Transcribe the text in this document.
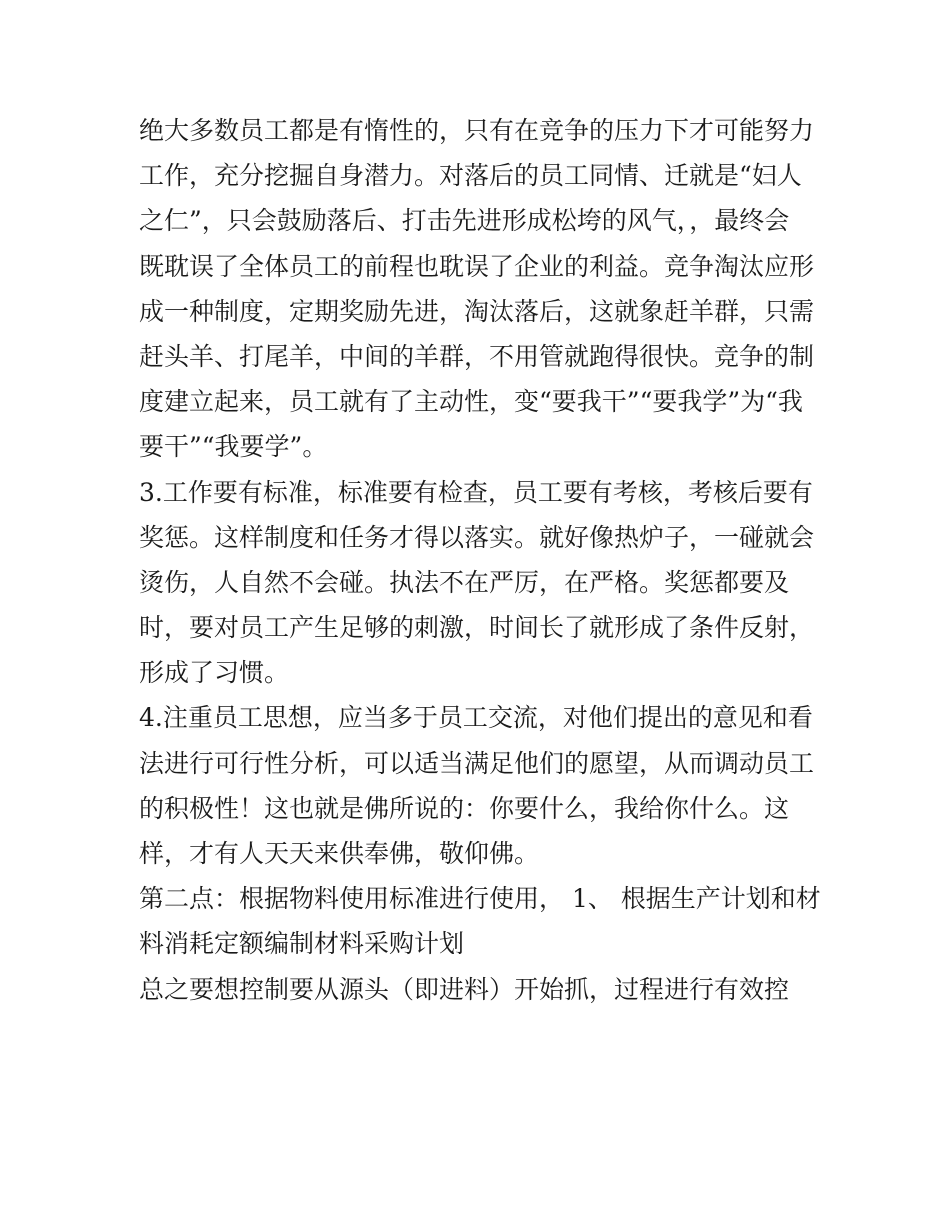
绝大多数员工都是有惰性的，只有在竞争的压力下才可能努力
工作，充分挖掘自身潜力。对落后的员工同情、迁就是“妇人
之仁”，只会鼓励落后、打击先进形成松垮的风气，，最终会
既耽误了全体员工的前程也耽误了企业的利益。竞争淘汰应形
成一种制度，定期奖励先进，淘汰落后，这就象赶羊群，只需
赶头羊、打尾羊，中间的羊群，不用管就跑得很快。竞争的制
度建立起来，员工就有了主动性，变“要我干”“要我学”为“我
要干”“我要学”。
3.工作要有标准，标准要有检查，员工要有考核，考核后要有
奖惩。这样制度和任务才得以落实。就好像热炉子，一碰就会
烫伤，人自然不会碰。执法不在严厉，在严格。奖惩都要及
时，要对员工产生足够的刺激，时间长了就形成了条件反射，
形成了习惯。
4.注重员工思想，应当多于员工交流，对他们提出的意见和看
法进行可行性分析，可以适当满足他们的愿望，从而调动员工
的积极性！这也就是佛所说的：你要什么，我给你什么。这
样，才有人天天来供奉佛，敬仰佛。
第二点：根据物料使用标准进行使用， 1、 根据生产计划和材
料消耗定额编制材料采购计划
总之要想控制要从源头（即进料）开始抓，过程进行有效控
